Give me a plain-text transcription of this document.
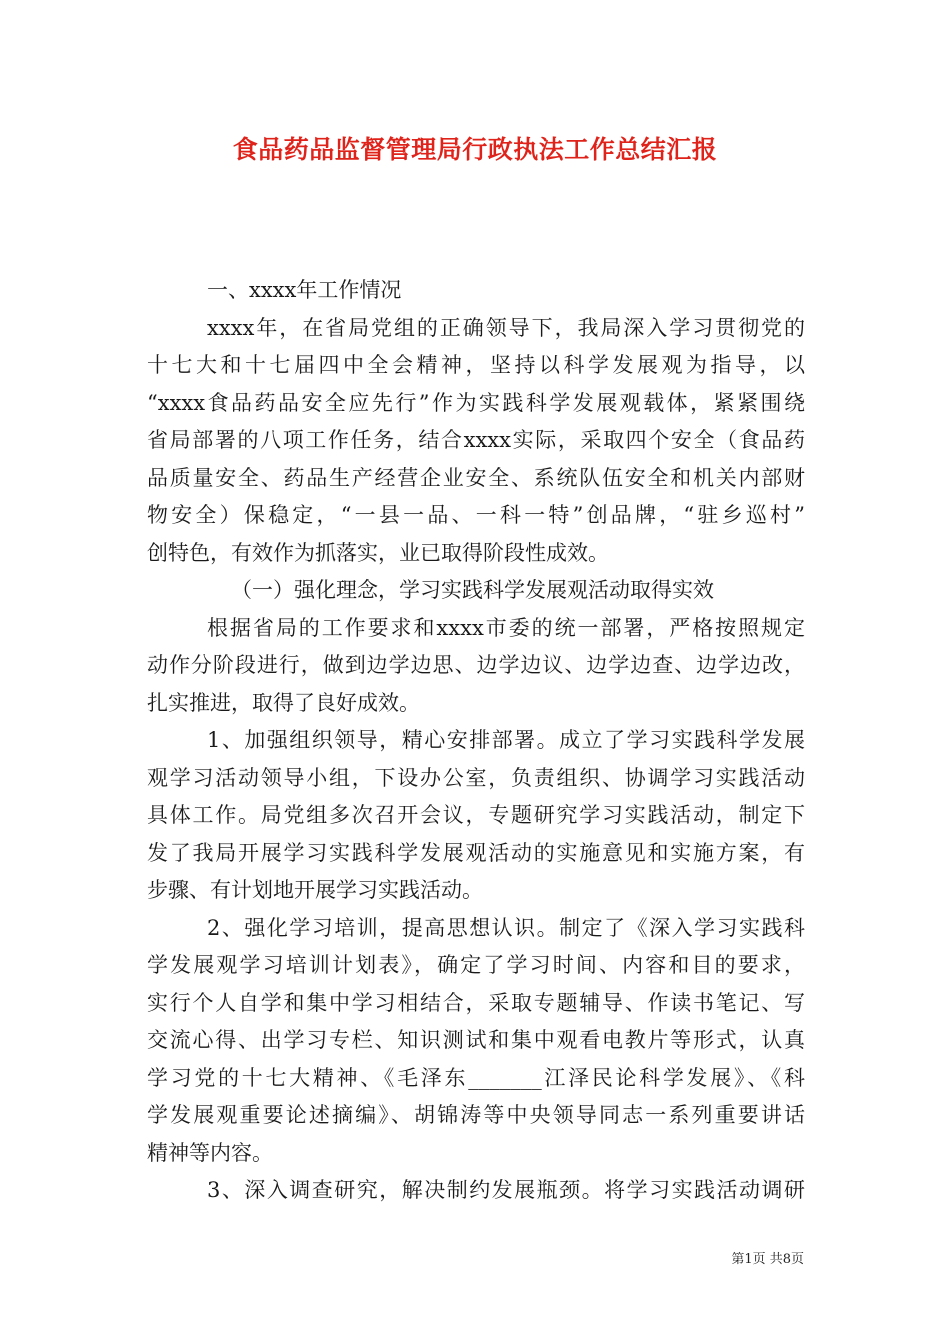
食品药品监督管理局行政执法工作总结汇报
一、xxxx年工作情况
xxxx年，在省局党组的正确领导下，我局深入学习贯彻党的
十七大和十七届四中全会精神，坚持以科学发展观为指导，以
“xxxx食品药品安全应先行”作为实践科学发展观载体，紧紧围绕
省局部署的八项工作任务，结合xxxx实际，采取四个安全（食品药
品质量安全、药品生产经营企业安全、系统队伍安全和机关内部财
物安全）保稳定，“一县一品、一科一特”创品牌，“驻乡巡村”
创特色，有效作为抓落实，业已取得阶段性成效。
（一）强化理念，学习实践科学发展观活动取得实效
根据省局的工作要求和xxxx市委的统一部署，严格按照规定
动作分阶段进行，做到边学边思、边学边议、边学边查、边学边改，
扎实推进，取得了良好成效。
1、加强组织领导，精心安排部署。成立了学习实践科学发展
观学习活动领导小组，下设办公室，负责组织、协调学习实践活动
具体工作。局党组多次召开会议，专题研究学习实践活动，制定下
发了我局开展学习实践科学发展观活动的实施意见和实施方案，有
步骤、有计划地开展学习实践活动。
2、强化学习培训，提高思想认识。制定了《深入学习实践科
学发展观学习培训计划表》，确定了学习时间、内容和目的要求，
实行个人自学和集中学习相结合，采取专题辅导、作读书笔记、写
交流心得、出学习专栏、知识测试和集中观看电教片等形式，认真
学习党的十七大精神、《毛泽东_______江泽民论科学发展》、《科
学发展观重要论述摘编》、胡锦涛等中央领导同志一系列重要讲话
精神等内容。
3、深入调查研究，解决制约发展瓶颈。将学习实践活动调研
第1页 共8页
